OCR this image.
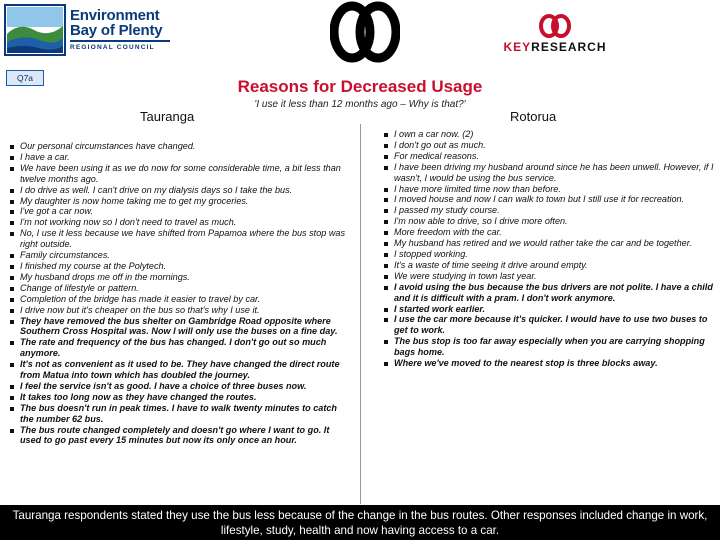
Environment
Bay of Plenty
REGIONAL COUNCIL	KEYRESEARCH
Q7a	Reasons for Decreased Usage
'I use it less than 12 months ago – Why is that?'
Tauranga	Rotorua
Our personal circumstances have changed.
I have a car.
We have been using it as we do now for some considerable time, a bit less than twelve months ago.
I do drive as well. I can't drive on my dialysis days so I take the bus.
My daughter is now home taking me to get my groceries.
I've got a car now.
I'm not working now so I don't need to travel as much.
No, I use it less because we have shifted from Papamoa where the bus stop was right outside.
Family circumstances.
I finished my course at the Polytech.
My husband drops me off in the mornings.
Change of lifestyle or pattern.
Completion of the bridge has made it easier to travel by car.
I drive now but it's cheaper on the bus so that's why I use it.
They have removed the bus shelter on Gambridge Road opposite where Southern Cross Hospital was. Now I will only use the buses on a fine day.
The rate and frequency of the bus has changed. I don't go out so much anymore.
It's not as convenient as it used to be. They have changed the direct route from Matua into town which has doubled the journey.
I feel the service isn't as good. I have a choice of three buses now.
It takes too long now as they have changed the routes.
The bus doesn't run in peak times. I have to walk twenty minutes to catch the number 62 bus.
The bus route changed completely and doesn't go where I want to go. It used to go past every 15 minutes but now its only once an hour.
I own a car now. (2)
I don't go out as much.
For medical reasons.
I have been driving my husband around since he has been unwell. However, if I wasn't, I would be using the bus service.
I have more limited time now than before.
I moved house and now I can walk to town but I still use it for recreation.
I passed my study course.
I'm now able to drive, so I drive more often.
More freedom with the car.
My husband has retired and we would rather take the car and be together.
I stopped working.
It's a waste of time seeing it drive around empty.
We were studying in town last year.
I avoid using the bus because the bus drivers are not polite. I have a child and it is difficult with a pram. I don't work anymore.
I started work earlier.
I use the car more because it's quicker. I would have to use two buses to get to work.
The bus stop is too far away especially when you are carrying shopping bags home.
Where we've moved to the nearest stop is three blocks away.
Tauranga respondents stated they use the bus less because of the change in the bus routes. Other responses included change in work, lifestyle, study, health and now having access to a car.
